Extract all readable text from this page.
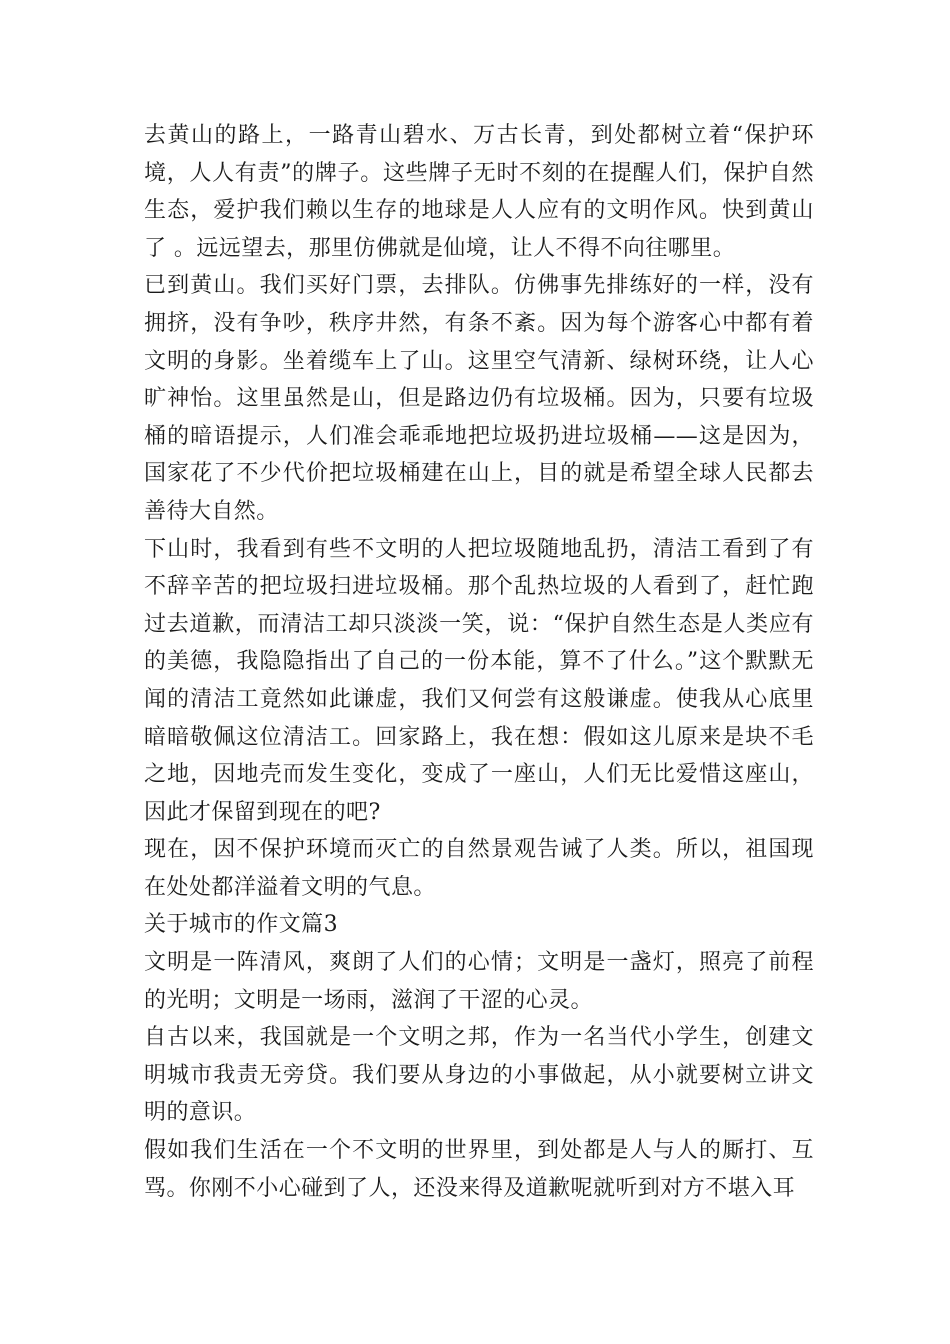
去黄山的路上，一路青山碧水、万古长青，到处都树立着“保护环境，人人有责”的牌子。这些牌子无时不刻的在提醒人们，保护自然生态，爱护我们赖以生存的地球是人人应有的文明作风。快到黄山了 。远远望去，那里仿佛就是仙境，让人不得不向往哪里。

已到黄山。我们买好门票，去排队。仿佛事先排练好的一样，没有拥挤，没有争吵，秩序井然，有条不紊。因为每个游客心中都有着文明的身影。坐着缆车上了山。这里空气清新、绿树环绕，让人心旷神怡。这里虽然是山，但是路边仍有垃圾桶。因为，只要有垃圾桶的暗语提示，人们准会乖乖地把垃圾扔进垃圾桶——这是因为，国家花了不少代价把垃圾桶建在山上，目的就是希望全球人民都去善待大自然。

下山时，我看到有些不文明的人把垃圾随地乱扔，清洁工看到了有不辞辛苦的把垃圾扫进垃圾桶。那个乱热垃圾的人看到了，赶忙跑过去道歉，而清洁工却只淡淡一笑，说：“保护自然生态是人类应有的美德，我隐隐指出了自己的一份本能，算不了什么。”这个默默无闻的清洁工竟然如此谦虚，我们又何尝有这般谦虚。使我从心底里暗暗敬佩这位清洁工。回家路上，我在想：假如这儿原来是块不毛之地，因地壳而发生变化，变成了一座山，人们无比爱惜这座山，因此才保留到现在的吧?

现在，因不保护环境而灭亡的自然景观告诫了人类。所以，祖国现在处处都洋溢着文明的气息。

关于城市的作文篇3

文明是一阵清风，爽朗了人们的心情；文明是一盏灯，照亮了前程的光明；文明是一场雨，滋润了干涩的心灵。

自古以来，我国就是一个文明之邦，作为一名当代小学生，创建文明城市我责无旁贷。我们要从身边的小事做起，从小就要树立讲文明的意识。

假如我们生活在一个不文明的世界里，到处都是人与人的厮打、互骂。你刚不小心碰到了人，还没来得及道歉呢就听到对方不堪入耳
